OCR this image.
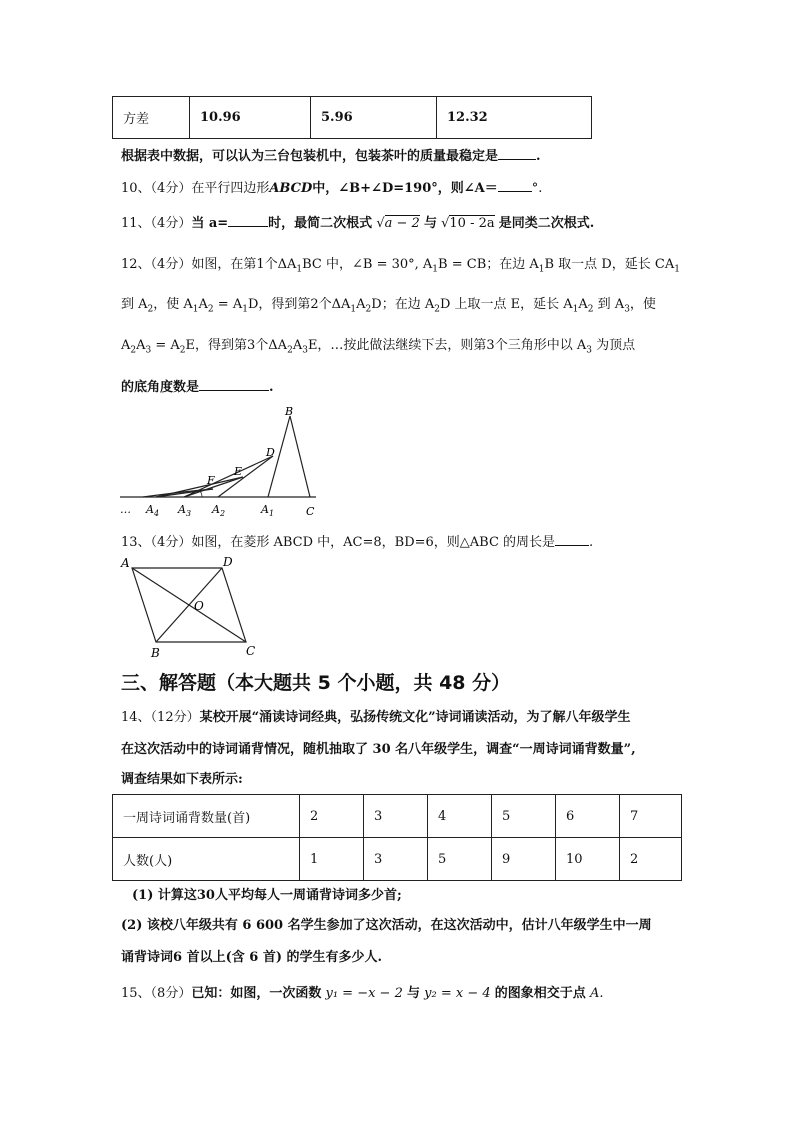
方差	10.96	5.96	12.32
根据表中数据，可以认为三台包装机中，包装茶叶的质量最稳定是	.
10、（4分）在平行四边形ABCD中，∠B+∠D=190°，则∠A＝	°.
11、（4分）当 a=	时，最简二次根式 √a − 2 与 √10 - 2a 是同类二次根式.
12、（4分）如图，在第1个$\Delta A_1BC$ 中，∠B = 30°, $A_1B$ = CB；在边 $A_1B$ 取一点 D，延长 $CA_1$
到 $A_2$，使 $A_1A_2 = A_1D$，得到第2个$\Delta A_1A_2D$；在边 $A_2D$ 上取一点 E，延长 $A_1A_2$ 到 $A_3$，使
$A_2A_3 = A_2E$，得到第3个$\Delta A_2A_3E$，…按此做法继续下去，则第3个三角形中以 $A_3$ 为顶点
的底角度数是	.
B
D
E
F
… $A_4$ $A_3$ $A_2$	$A_1$	C
13、（4分）如图，在菱形 ABCD 中，AC=8，BD=6，则△ABC 的周长是	.
A	D
O
B	C
三、解答题（本大题共 5 个小题，共 48 分）
14、（12分）某校开展“涌读诗词经典，弘扬传统文化”诗词诵读活动，为了解八年级学生
在这次活动中的诗词诵背情况，随机抽取了 30 名八年级学生，调查“一周诗词诵背数量”,
调查结果如下表所示:
一周诗词诵背数量(首)	2	3	4	5	6	7
人数(人)	1	3	5	9	10	2
(1) 计算这30人平均每人一周诵背诗词多少首;
(2) 该校八年级共有 6 600 名学生参加了这次活动，在这次活动中，估计八年级学生中一周
诵背诗词6 首以上(含 6 首) 的学生有多少人.
15、（8分）已知：如图，一次函数 y₁ = −x − 2 与 y₂ = x − 4 的图象相交于点 A.
